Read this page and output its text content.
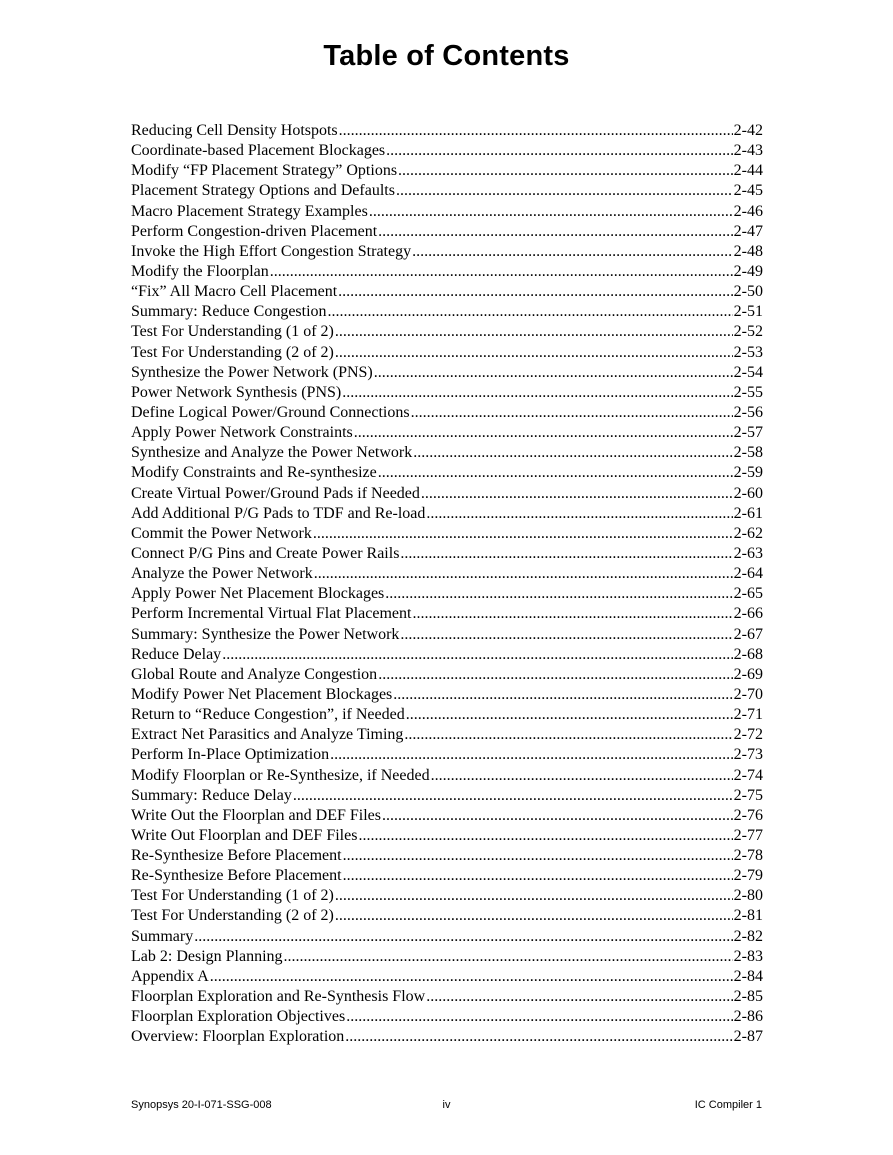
Table of Contents
Reducing Cell Density Hotspots .....	2-42
Coordinate-based Placement Blockages .....	2-43
Modify “FP Placement Strategy” Options .....	2-44
Placement Strategy Options and Defaults .....	2-45
Macro Placement Strategy Examples .....	2-46
Perform Congestion-driven Placement .....	2-47
Invoke the High Effort Congestion Strategy .....	2-48
Modify the Floorplan .....	2-49
“Fix” All Macro Cell Placement .....	2-50
Summary: Reduce Congestion .....	2-51
Test For Understanding (1 of 2) .....	2-52
Test For Understanding (2 of 2) .....	2-53
Synthesize the Power Network (PNS) .....	2-54
Power Network Synthesis (PNS) .....	2-55
Define Logical Power/Ground Connections .....	2-56
Apply Power Network Constraints .....	2-57
Synthesize and Analyze the Power Network .....	2-58
Modify Constraints and Re-synthesize .....	2-59
Create Virtual Power/Ground Pads if Needed .....	2-60
Add Additional P/G Pads to TDF and Re-load .....	2-61
Commit the Power Network .....	2-62
Connect P/G Pins and Create Power Rails .....	2-63
Analyze the Power Network .....	2-64
Apply Power Net Placement Blockages .....	2-65
Perform Incremental Virtual Flat Placement .....	2-66
Summary: Synthesize the Power Network .....	2-67
Reduce Delay .....	2-68
Global Route and Analyze Congestion .....	2-69
Modify Power Net Placement Blockages .....	2-70
Return to “Reduce Congestion”, if Needed .....	2-71
Extract Net Parasitics and Analyze Timing .....	2-72
Perform In-Place Optimization .....	2-73
Modify Floorplan or Re-Synthesize, if Needed .....	2-74
Summary: Reduce Delay .....	2-75
Write Out the Floorplan and DEF Files .....	2-76
Write Out Floorplan and DEF Files .....	2-77
Re-Synthesize Before Placement .....	2-78
Re-Synthesize Before Placement .....	2-79
Test For Understanding (1 of 2) .....	2-80
Test For Understanding (2 of 2) .....	2-81
Summary .....	2-82
Lab 2: Design Planning .....	2-83
Appendix A .....	2-84
Floorplan Exploration and Re-Synthesis Flow .....	2-85
Floorplan Exploration Objectives .....	2-86
Overview: Floorplan Exploration .....	2-87
Synopsys 20-I-071-SSG-008	iv	IC Compiler 1
